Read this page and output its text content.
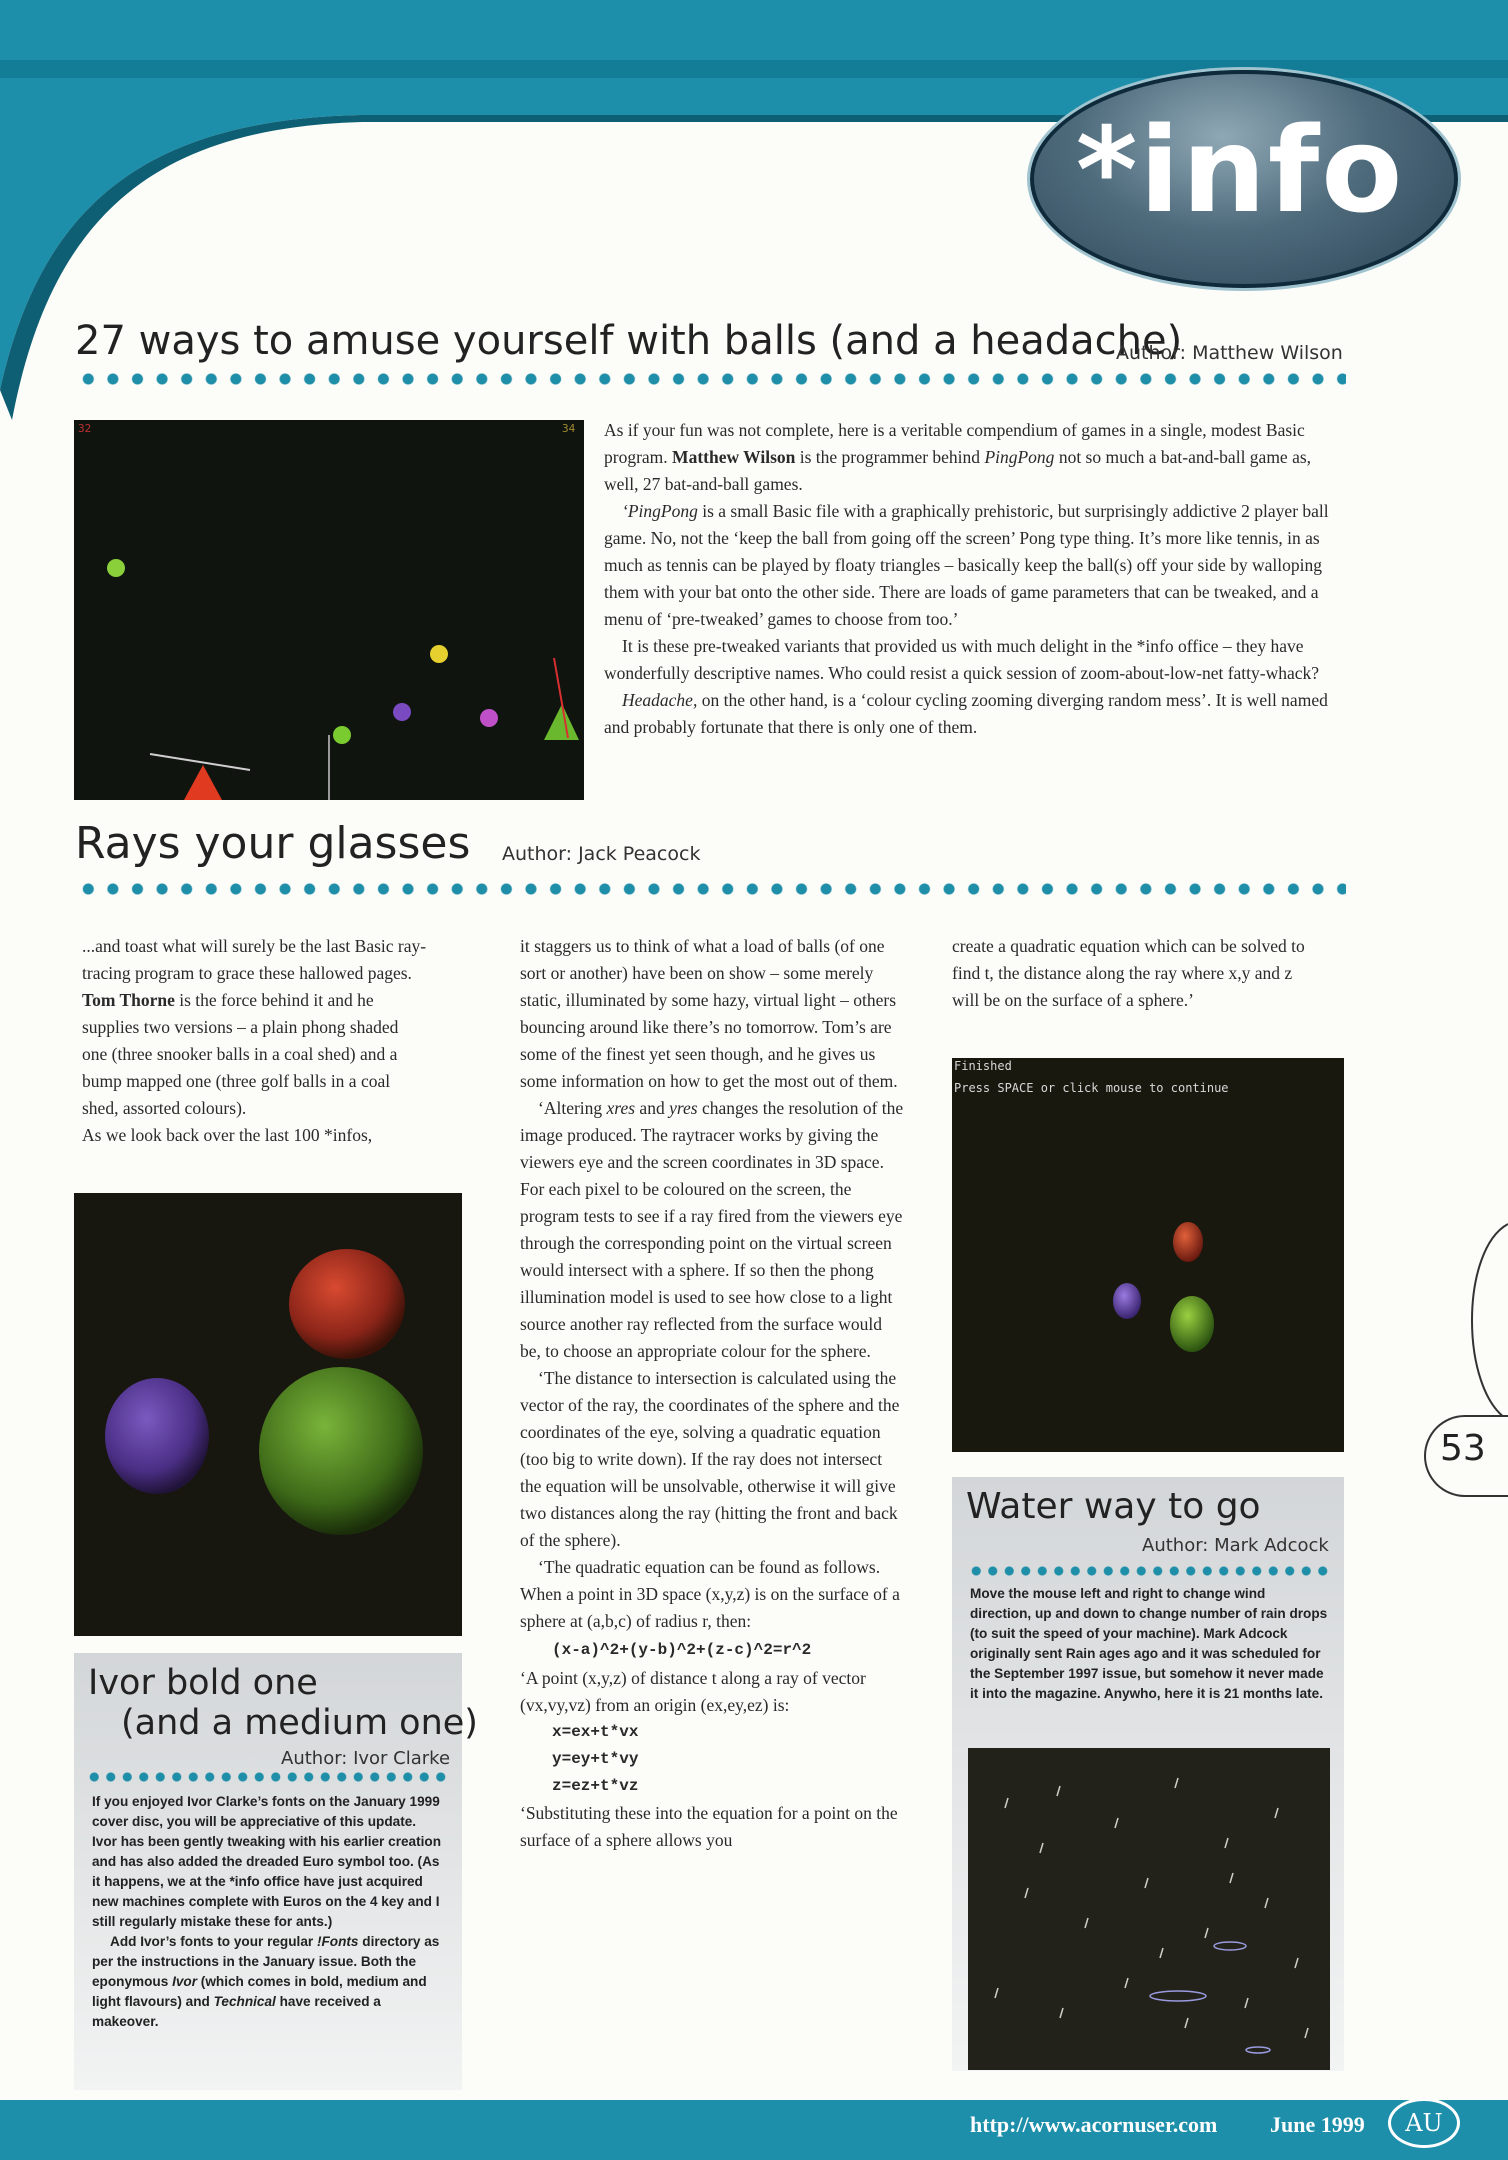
*info
27 ways to amuse yourself with balls (and a headache)
Author: Matthew Wilson
32	34 As if your fun was not complete, here is a veritable compendium of games in a single, modest Basic program. Matthew Wilson is the programmer behind PingPong not so much a bat-and-ball game as, well, 27 bat-and-ball games.

‘PingPong is a small Basic file with a graphically prehistoric, but surprisingly addictive 2 player ball game. No, not the ‘keep the ball from going off the screen’ Pong type thing. It’s more like tennis, in as much as tennis can be played by floaty triangles – basically keep the ball(s) off your side by walloping them with your bat onto the other side. There are loads of game parameters that can be tweaked, and a menu of ‘pre-tweaked’ games to choose from too.’

It is these pre-tweaked variants that provided us with much delight in the *info office – they have wonderfully descriptive names. Who could resist a quick session of zoom-about-low-net fatty-whack?

Headache, on the other hand, is a ‘colour cycling zooming diverging random mess’. It is well named and probably fortunate that there is only one of them.

Rays your glasses Author: Jack Peacock

...and toast what will surely be the last Basic ray-tracing program to grace these hallowed pages. Tom Thorne is the force behind it and he supplies two versions – a plain phong shaded one (three snooker balls in a coal shed) and a bump mapped one (three golf balls in a coal shed, assorted colours).

As we look back over the last 100 *infos,

Ivor bold one
(and a medium one)
Author: Ivor Clarke

If you enjoyed Ivor Clarke’s fonts on the January 1999 cover disc, you will be appreciative of this update. Ivor has been gently tweaking with his earlier creation and has also added the dreaded Euro symbol too. (As it happens, we at the *info office have just acquired new machines complete with Euros on the 4 key and I still regularly mistake these for ants.)

Add Ivor’s fonts to your regular !Fonts directory as per the instructions in the January issue. Both the eponymous Ivor (which comes in bold, medium and light flavours) and Technical have received a makeover.

it staggers us to think of what a load of balls (of one sort or another) have been on show – some merely static, illuminated by some hazy, virtual light – others bouncing around like there’s no tomorrow. Tom’s are some of the finest yet seen though, and he gives us some information on how to get the most out of them.

‘Altering xres and yres changes the resolution of the image produced. The raytracer works by giving the viewers eye and the screen coordinates in 3D space. For each pixel to be coloured on the screen, the program tests to see if a ray fired from the viewers eye through the corresponding point on the virtual screen would intersect with a sphere. If so then the phong illumination model is used to see how close to a light source another ray reflected from the surface would be, to choose an appropriate colour for the sphere.

‘The distance to intersection is calculated using the vector of the ray, the coordinates of the sphere and the coordinates of the eye, solving a quadratic equation (too big to write down). If the ray does not intersect the equation will be unsolvable, otherwise it will give two distances along the ray (hitting the front and back of the sphere).

‘The quadratic equation can be found as follows. When a point in 3D space (x,y,z) is on the surface of a sphere at (a,b,c) of radius r, then:

(x-a)^2+(y-b)^2+(z-c)^2=r^2

‘A point (x,y,z) of distance t along a ray of vector (vx,vy,vz) from an origin (ex,ey,ez) is:

x=ex+t*vx

y=ey+t*vy

z=ez+t*vz

‘Substituting these into the equation for a point on the surface of a sphere allows you

create a quadratic equation which can be solved to find t, the distance along the ray where x,y and z will be on the surface of a sphere.’

Finished
Press SPACE or click mouse to continue
Water way to go
Author: Mark Adcock

Move the mouse left and right to change wind direction, up and down to change number of rain drops (to suit the speed of your machine). Mark Adcock originally sent Rain ages ago and it was scheduled for the September 1997 issue, but somehow it never made it into the magazine. Anywho, here it is 21 months late.

53
http://www.acornuser.com June 1999	AU
